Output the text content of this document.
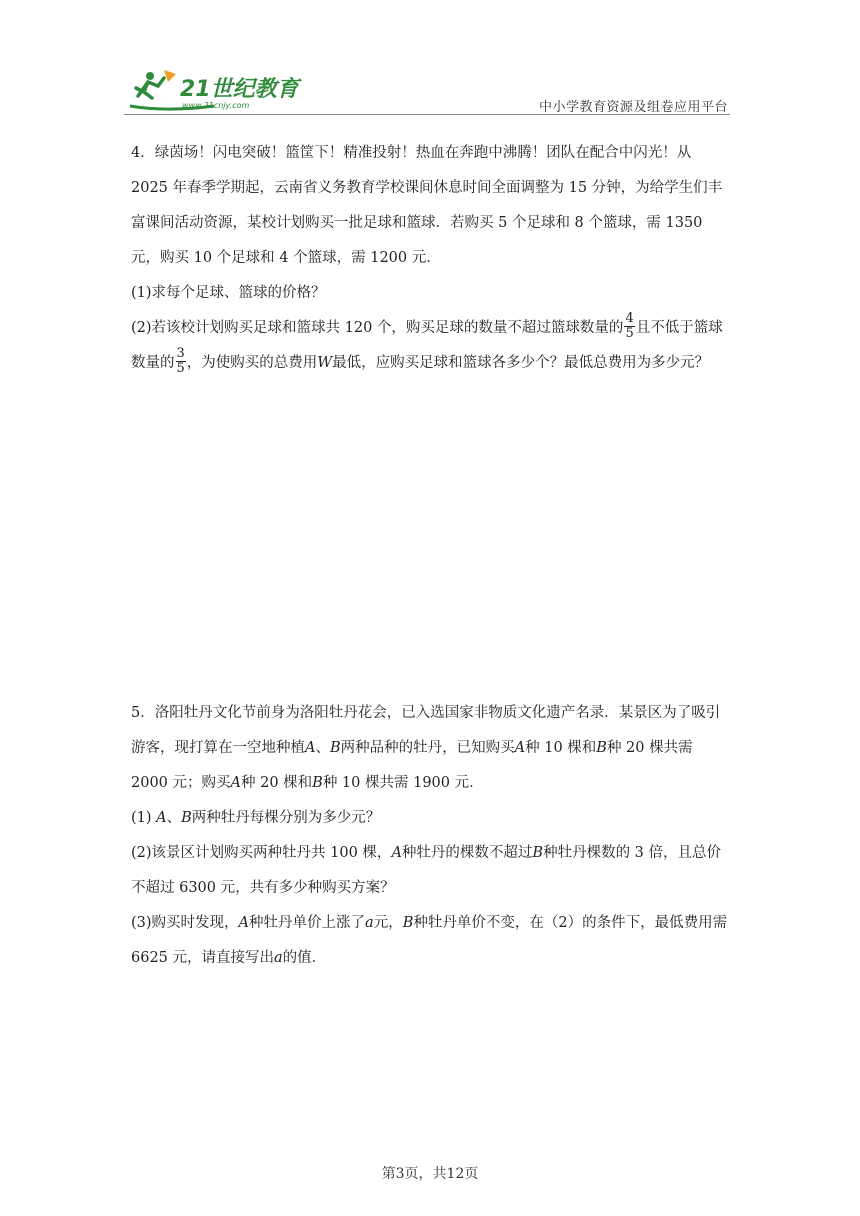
21世纪教育
www.21cnjy.com	中小学教育资源及组卷应用平台

4．绿茵场！闪电突破！篮筐下！精准投射！热血在奔跑中沸腾！团队在配合中闪光！从 2025 年春季学期起，云南省义务教育学校课间休息时间全面调整为 15 分钟，为给学生们丰富课间活动资源，某校计划购买一批足球和篮球．若购买 5 个足球和 8 个篮球，需 1350 元，购买 10 个足球和 4 个篮球，需 1200 元．

(1)求每个足球、篮球的价格？

(2)若该校计划购买足球和篮球共 120 个，购买足球的数量不超过篮球数量的 $\frac{4}{5}$ 且不低于篮球数量的 $\frac{3}{5}$ ，为使购买的总费用W最低，应购买足球和篮球各多少个？最低总费用为多少元？

5．洛阳牡丹文化节前身为洛阳牡丹花会，已入选国家非物质文化遗产名录．某景区为了吸引游客，现打算在一空地种植A、B两种品种的牡丹，已知购买A种 10 棵和B种 20 棵共需 2000 元；购买A种 20 棵和B种 10 棵共需 1900 元．

(1) A、B两种牡丹每棵分别为多少元？

(2)该景区计划购买两种牡丹共 100 棵，A种牡丹的棵数不超过B种牡丹棵数的 3 倍，且总价不超过 6300 元，共有多少种购买方案？

(3)购买时发现，A种牡丹单价上涨了a元，B种牡丹单价不变，在（2）的条件下，最低费用需 6625 元，请直接写出a的值．

第3页，共12页
